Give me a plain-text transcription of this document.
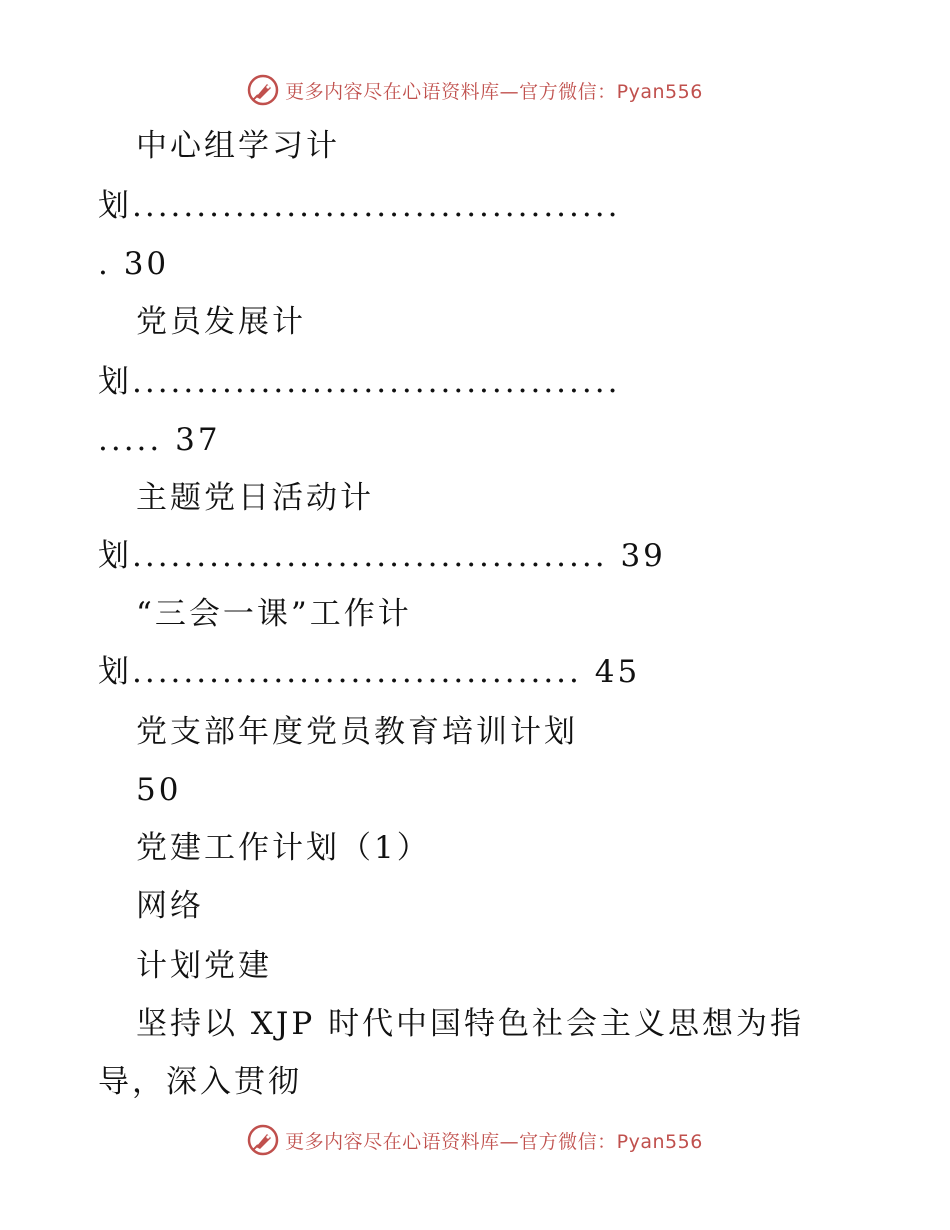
更多内容尽在心语资料库—官方微信：Pyan556
中心组学习计
划......................................
. 30
党员发展计
划......................................
..... 37
主题党日活动计
划..................................... 39
“三会一课”工作计
划................................... 45
党支部年度党员教育培训计划
50
党建工作计划（1）
网络
计划党建
坚持以 XJP 时代中国特色社会主义思想为指
导，深入贯彻
更多内容尽在心语资料库—官方微信：Pyan556
